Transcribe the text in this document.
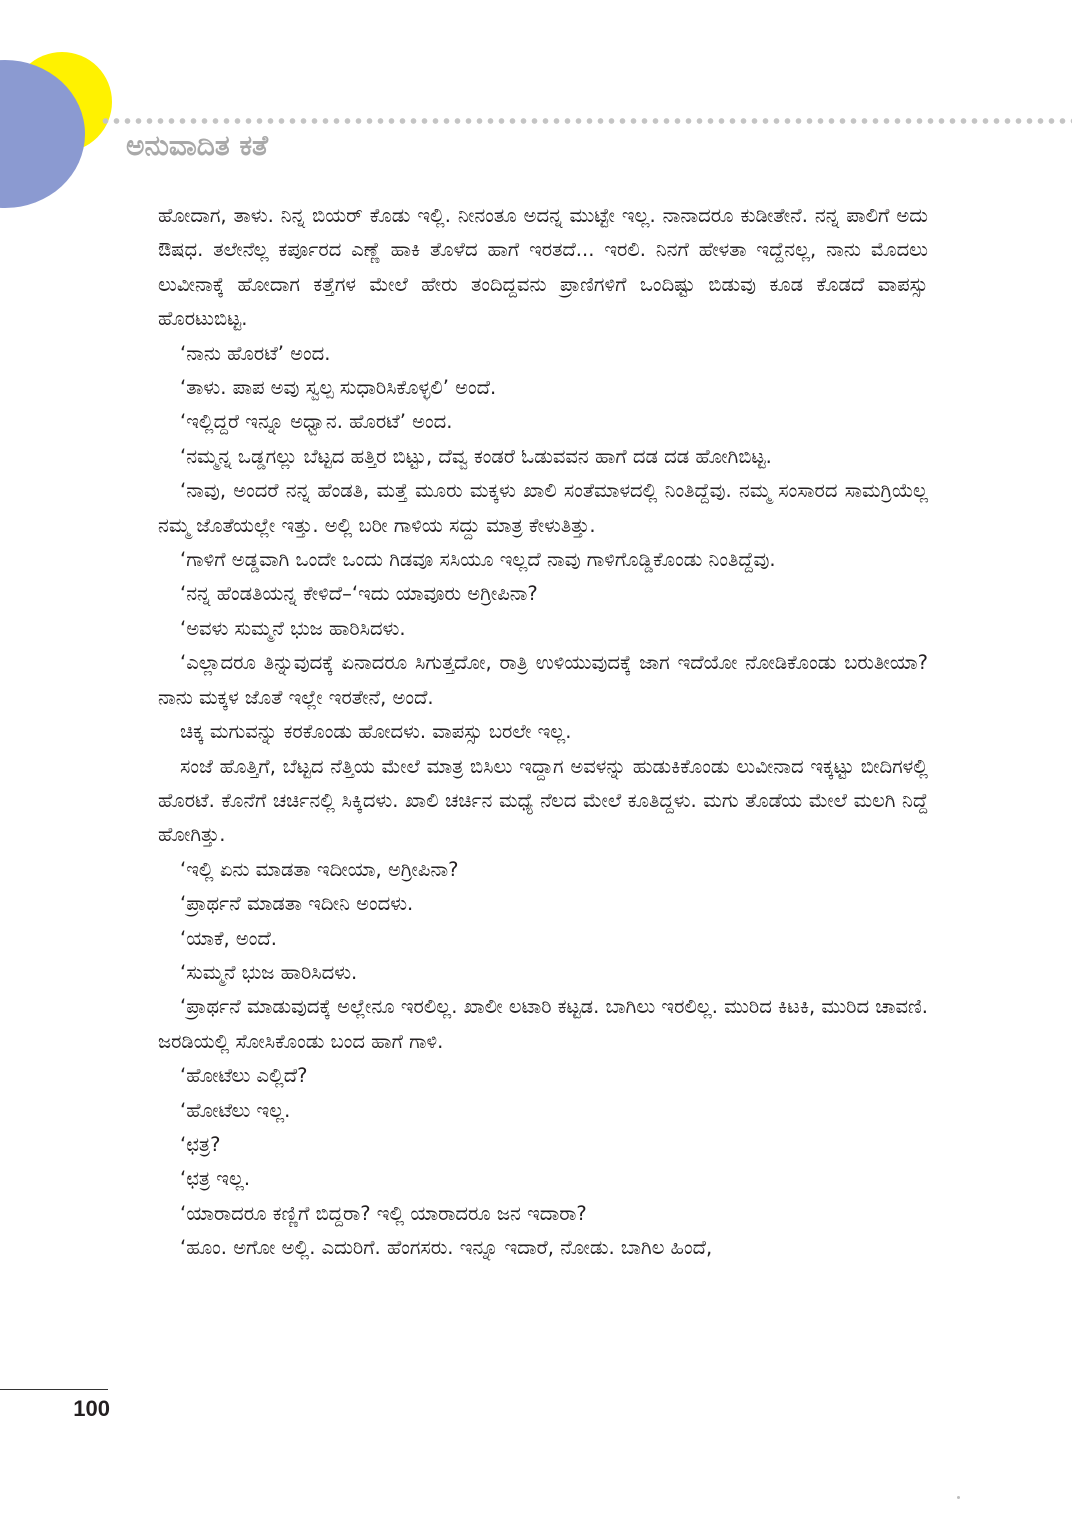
ಅನುವಾದಿತ ಕತೆ

ಹೋದಾಗ, ತಾಳು. ನಿನ್ನ ಬಿಯರ್ ಕೊಡು ಇಲ್ಲಿ. ನೀನಂತೂ ಅದನ್ನ ಮುಟ್ಟೇ ಇಲ್ಲ. ನಾನಾದರೂ ಕುಡೀತೇನೆ. ನನ್ನ ಪಾಲಿಗೆ ಅದು ಔಷಧ. ತಲೇನೆಲ್ಲ ಕರ್ಪೂರದ ಎಣ್ಣೆ ಹಾಕಿ ತೊಳೆದ ಹಾಗೆ ಇರತದೆ... ಇರಲಿ. ನಿನಗೆ ಹೇಳತಾ ಇದ್ದೆನಲ್ಲ, ನಾನು ಮೊದಲು ಲುವೀನಾಕ್ಕೆ ಹೋದಾಗ ಕತ್ತೆಗಳ ಮೇಲೆ ಹೇರು ತಂದಿದ್ದವನು ಪ್ರಾಣಿಗಳಿಗೆ ಒಂದಿಷ್ಟು ಬಿಡುವು ಕೂಡ ಕೊಡದೆ ವಾಪಸ್ಸು ಹೊರಟುಬಿಟ್ಟ.

‘ನಾನು ಹೊರಟೆ’ ಅಂದ.

‘ತಾಳು. ಪಾಪ ಅವು ಸ್ವಲ್ಪ ಸುಧಾರಿಸಿಕೊಳ್ಳಲಿ’ ಅಂದೆ.

‘ಇಲ್ಲಿದ್ದರೆ ಇನ್ನೂ ಅಧ್ವಾನ. ಹೊರಟೆ’ ಅಂದ.

‘ನಮ್ಮನ್ನ ಒಡ್ಡಗಲ್ಲು ಬೆಟ್ಟದ ಹತ್ತಿರ ಬಿಟ್ಟು, ದೆವ್ವ ಕಂಡರೆ ಓಡುವವನ ಹಾಗೆ ದಡ ದಡ ಹೋಗಿಬಿಟ್ಟ.

‘ನಾವು, ಅಂದರೆ ನನ್ನ ಹೆಂಡತಿ, ಮತ್ತೆ ಮೂರು ಮಕ್ಕಳು ಖಾಲಿ ಸಂತೆಮಾಳದಲ್ಲಿ ನಿಂತಿದ್ದೆವು. ನಮ್ಮ ಸಂಸಾರದ ಸಾಮಗ್ರಿಯೆಲ್ಲ ನಮ್ಮ ಜೊತೆಯಲ್ಲೇ ಇತ್ತು. ಅಲ್ಲಿ ಬರೀ ಗಾಳಿಯ ಸದ್ದು ಮಾತ್ರ ಕೇಳುತಿತ್ತು.

‘ಗಾಳಿಗೆ ಅಡ್ಡವಾಗಿ ಒಂದೇ ಒಂದು ಗಿಡವೂ ಸಸಿಯೂ ಇಲ್ಲದೆ ನಾವು ಗಾಳಿಗೊಡ್ಡಿಕೊಂಡು ನಿಂತಿದ್ದೆವು.

‘ನನ್ನ ಹೆಂಡತಿಯನ್ನ ಕೇಳಿದೆ–‘ಇದು ಯಾವೂರು ಅಗ್ರೀಪಿನಾ?

‘ಅವಳು ಸುಮ್ಮನೆ ಭುಜ ಹಾರಿಸಿದಳು.

‘ಎಲ್ಲಾದರೂ ತಿನ್ನುವುದಕ್ಕೆ ಏನಾದರೂ ಸಿಗುತ್ತದೋ, ರಾತ್ರಿ ಉಳಿಯುವುದಕ್ಕೆ ಜಾಗ ಇದೆಯೋ ನೋಡಿಕೊಂಡು ಬರುತೀಯಾ? ನಾನು ಮಕ್ಕಳ ಜೊತೆ ಇಲ್ಲೇ ಇರತೇನೆ, ಅಂದೆ.

ಚಿಕ್ಕ ಮಗುವನ್ನು ಕರಕೊಂಡು ಹೋದಳು. ವಾಪಸ್ಸು ಬರಲೇ ಇಲ್ಲ.

ಸಂಜೆ ಹೊತ್ತಿಗೆ, ಬೆಟ್ಟದ ನೆತ್ತಿಯ ಮೇಲೆ ಮಾತ್ರ ಬಿಸಿಲು ಇದ್ದಾಗ ಅವಳನ್ನು ಹುಡುಕಿಕೊಂಡು ಲುವೀನಾದ ಇಕ್ಕಟ್ಟು ಬೀದಿಗಳಲ್ಲಿ ಹೊರಟೆ. ಕೊನೆಗೆ ಚರ್ಚಿನಲ್ಲಿ ಸಿಕ್ಕಿದಳು. ಖಾಲಿ ಚರ್ಚಿನ ಮಧ್ಯೆ ನೆಲದ ಮೇಲೆ ಕೂತಿದ್ದಳು. ಮಗು ತೊಡೆಯ ಮೇಲೆ ಮಲಗಿ ನಿದ್ದೆ ಹೋಗಿತ್ತು.

‘ಇಲ್ಲಿ ಏನು ಮಾಡತಾ ಇದೀಯಾ, ಅಗ್ರೀಪಿನಾ?

‘ಪ್ರಾರ್ಥನೆ ಮಾಡತಾ ಇದೀನಿ ಅಂದಳು.

‘ಯಾಕೆ, ಅಂದೆ.

‘ಸುಮ್ಮನೆ ಭುಜ ಹಾರಿಸಿದಳು.

‘ಪ್ರಾರ್ಥನೆ ಮಾಡುವುದಕ್ಕೆ ಅಲ್ಲೇನೂ ಇರಲಿಲ್ಲ. ಖಾಲೀ ಲಟಾರಿ ಕಟ್ಟಡ. ಬಾಗಿಲು ಇರಲಿಲ್ಲ. ಮುರಿದ ಕಿಟಕಿ, ಮುರಿದ ಚಾವಣಿ. ಜರಡಿಯಲ್ಲಿ ಸೋಸಿಕೊಂಡು ಬಂದ ಹಾಗೆ ಗಾಳಿ.

‘ಹೋಟೆಲು ಎಲ್ಲಿದೆ?

‘ಹೋಟೆಲು ಇಲ್ಲ.

‘ಛತ್ರ?

‘ಛತ್ರ ಇಲ್ಲ.

‘ಯಾರಾದರೂ ಕಣ್ಣಿಗೆ ಬಿದ್ದರಾ? ಇಲ್ಲಿ ಯಾರಾದರೂ ಜನ ಇದಾರಾ?

‘ಹೂಂ. ಅಗೋ ಅಲ್ಲಿ. ಎದುರಿಗೆ. ಹೆಂಗಸರು. ಇನ್ನೂ ಇದಾರೆ, ನೋಡು. ಬಾಗಿಲ ಹಿಂದೆ,

100
